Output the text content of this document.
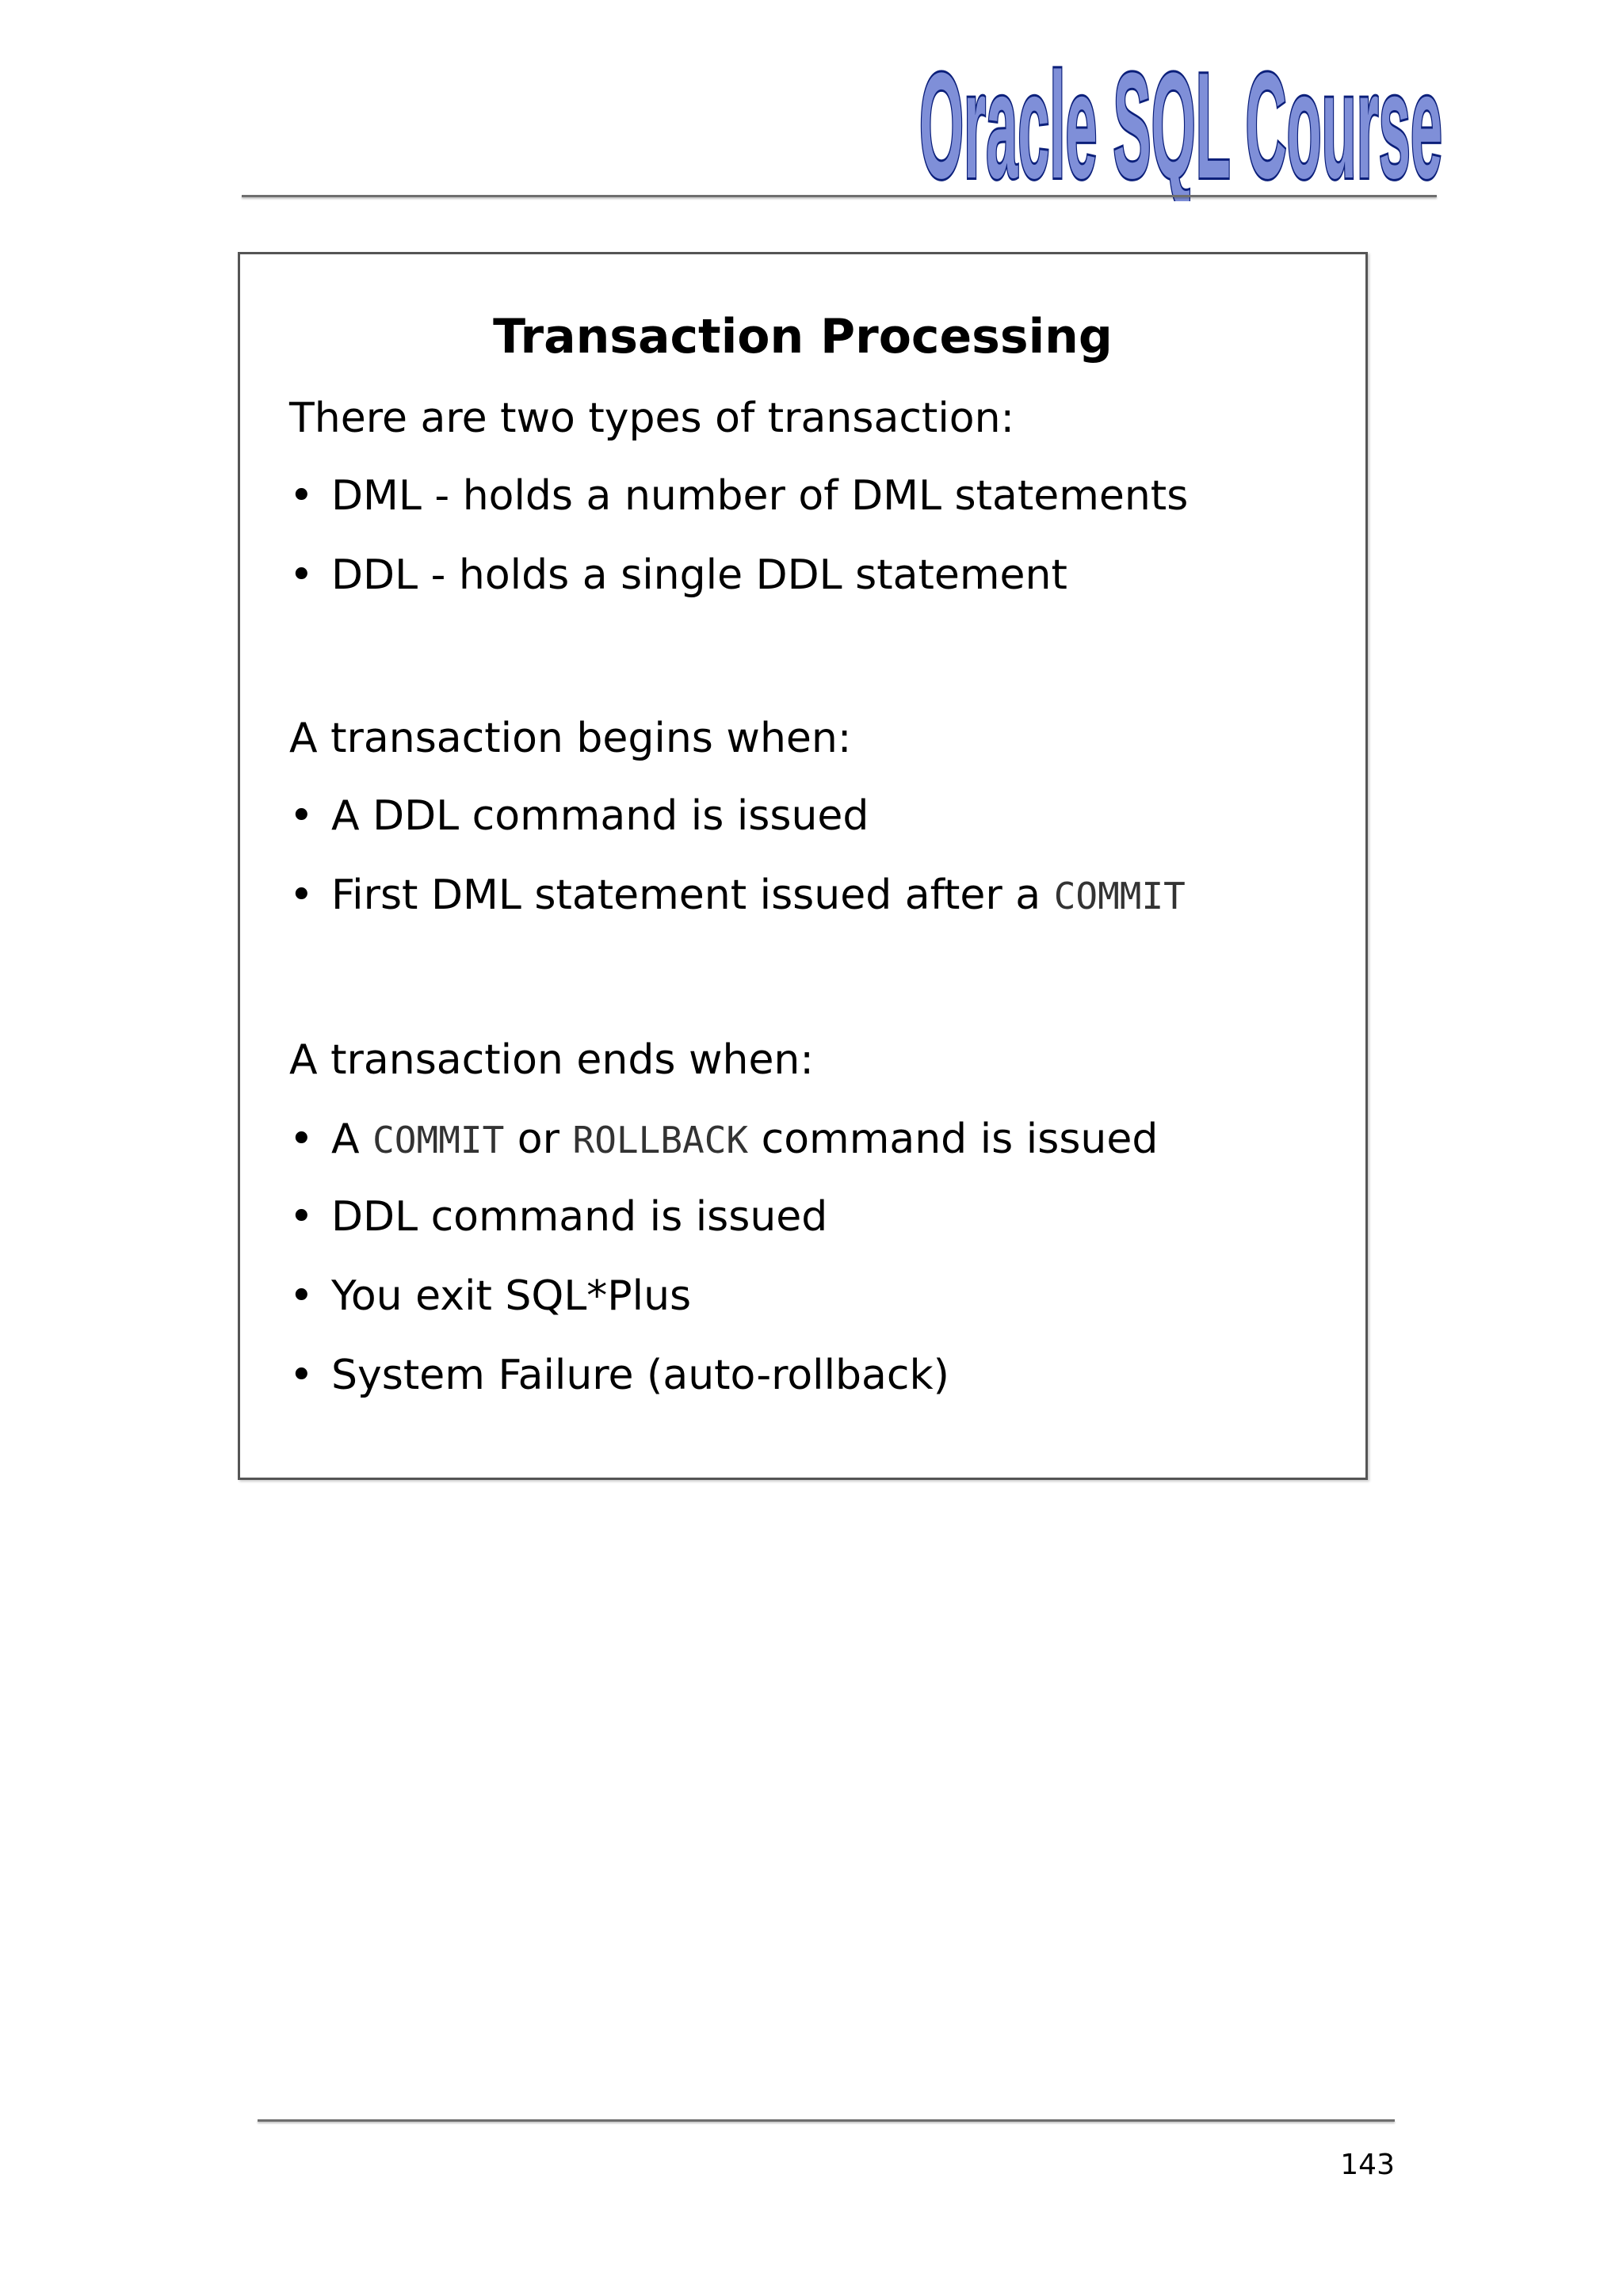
Oracle SQL Course
Transaction Processing
There are two types of transaction:
• DML - holds a number of DML statements
• DDL - holds a single DDL statement
A transaction begins when:
• A DDL command is issued
• First DML statement issued after a COMMIT
A transaction ends when:
• A COMMIT or ROLLBACK command is issued
• DDL command is issued
• You exit SQL*Plus
• System Failure (auto-rollback)
143
